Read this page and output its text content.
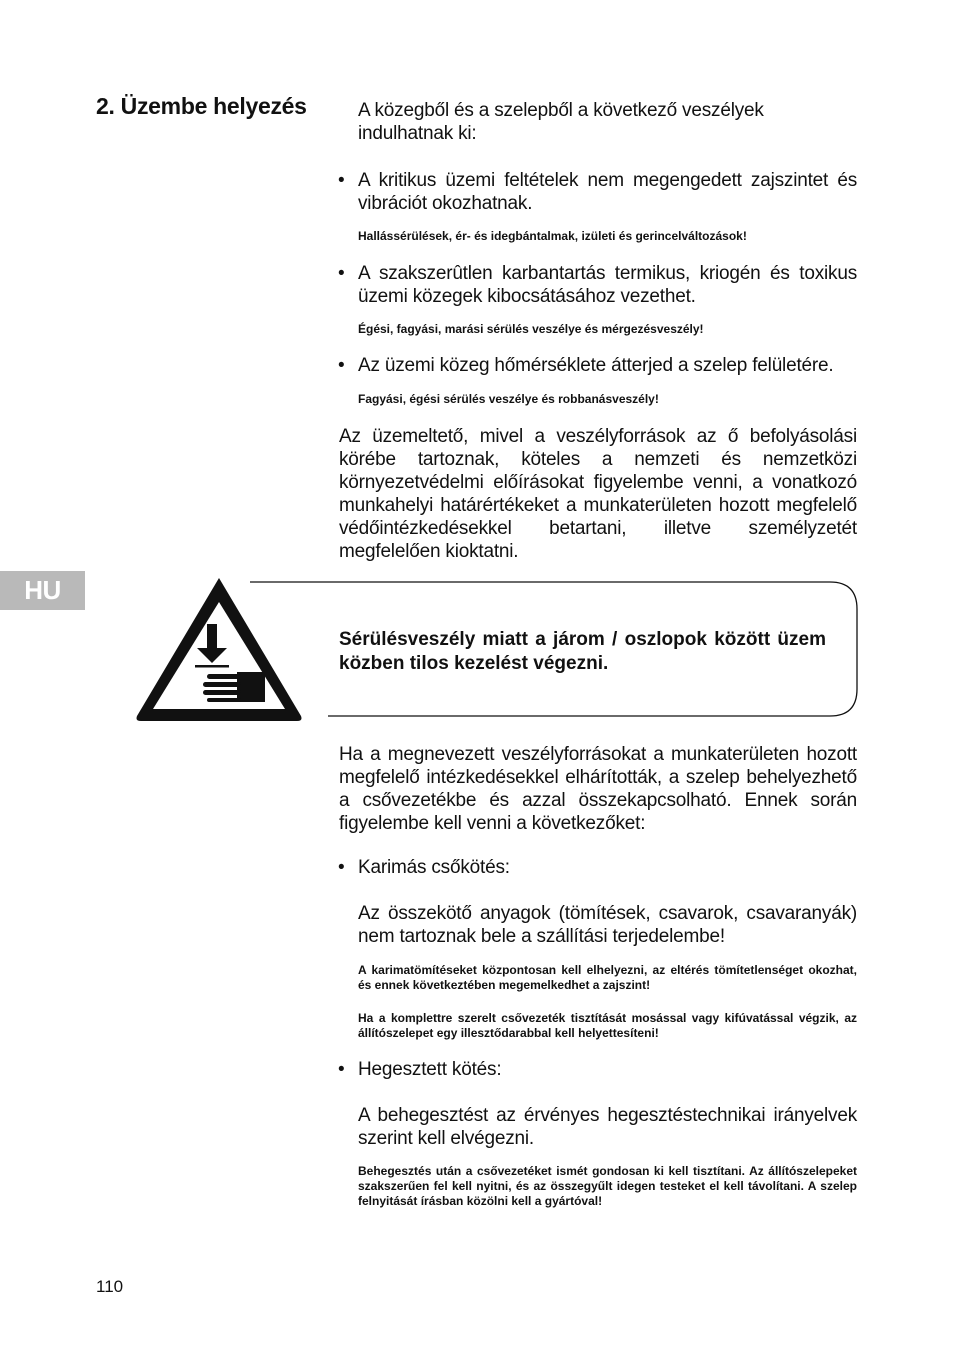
2. Üzembe helyezés	A közegből és a szelepből a következő veszélyek indulhatnak ki:
• A kritikus üzemi feltételek nem megengedett zajszintet és vibrációt okozhatnak.
Hallássérülések, ér- és idegbántalmak, izületi és gerincelváltozások!
• A szakszerûtlen karbantartás termikus, kriogén és toxikus üzemi közegek kibocsátásához vezethet.
Égési, fagyási, marási sérülés veszélye és mérgezésveszély!
• Az üzemi közeg hőmérséklete átterjed a szelep felületére.
Fagyási, égési sérülés veszélye és robbanásveszély!
Az üzemeltető, mivel a veszélyforrások az ő befolyásolási körébe tartoznak, köteles a nemzeti és nemzetközi környezetvédelmi előírásokat figyelembe venni, a vonatkozó munkahelyi határértékeket a munkaterületen hozott megfelelő védőintézkedésekkel betartani, illetve személyzetét megfelelően kioktatni.
HU
Sérülésveszély miatt a járom / oszlopok között üzem közben tilos kezelést végezni.
Ha a megnevezett veszélyforrásokat a munkaterületen hozott megfelelő intézkedésekkel elhárították, a szelep behelyezhető a csővezetékbe és azzal összekapcsolható. Ennek során figyelembe kell venni a következőket:
• Karimás csőkötés:
Az összekötő anyagok (tömítések, csavarok, csavaranyák) nem tartoznak bele a szállítási terjedelembe!
A karimatömítéseket központosan kell elhelyezni, az eltérés tömítetlenséget okozhat, és ennek következtében megemelkedhet a zajszint!
Ha a komplettre szerelt csővezeték tisztítását mosással vagy kifúvatással végzik, az állítószelepet egy illesztődarabbal kell helyettesíteni!
• Hegesztett kötés:
A behegesztést az érvényes hegesztéstechnikai irányelvek szerint kell elvégezni.
Behegesztés után a csővezetéket ismét gondosan ki kell tisztítani. Az állítószelepeket szakszerűen fel kell nyitni, és az összegyűlt idegen testeket el kell távolítani. A szelep felnyitását írásban közölni kell a gyártóval!
110
